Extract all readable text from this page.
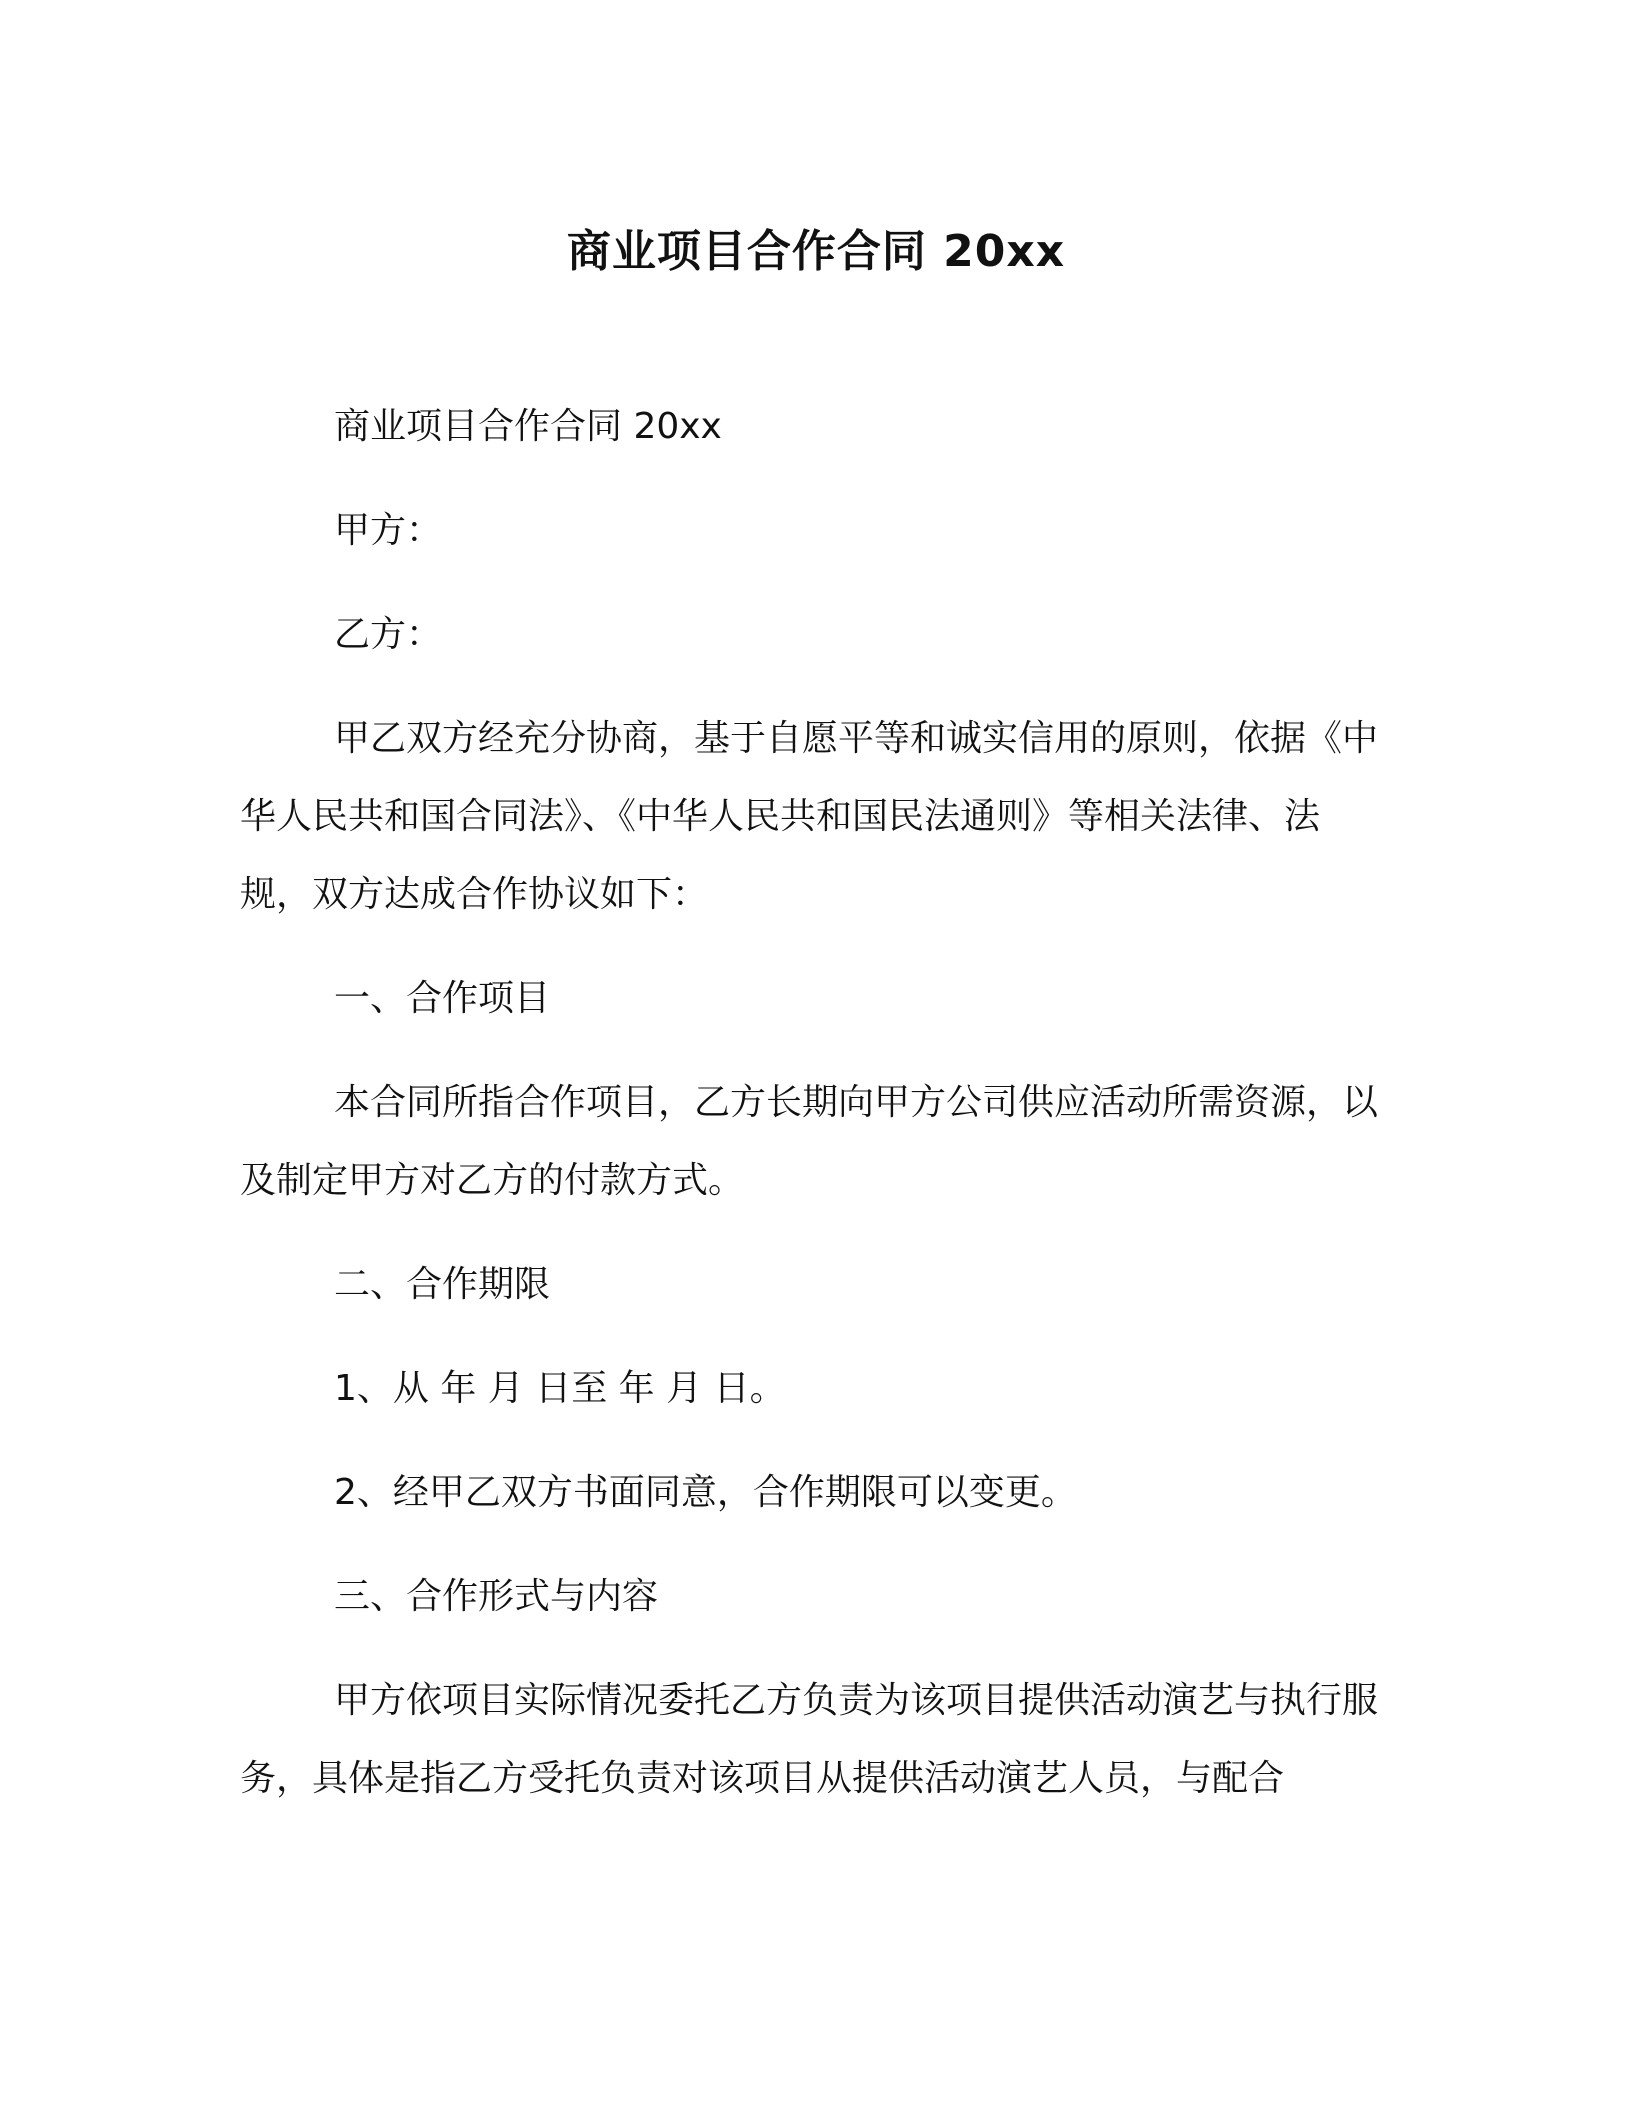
商业项目合作合同 20xx

商业项目合作合同 20xx

甲方：

乙方：

甲乙双方经充分协商，基于自愿平等和诚实信用的原则，依据《中华人民共和国合同法》、《中华人民共和国民法通则》等相关法律、法规，双方达成合作协议如下：

一、合作项目

本合同所指合作项目，乙方长期向甲方公司供应活动所需资源，以及制定甲方对乙方的付款方式。

二、合作期限

1、从 年 月 日至 年 月 日。

2、经甲乙双方书面同意，合作期限可以变更。

三、合作形式与内容

甲方依项目实际情况委托乙方负责为该项目提供活动演艺与执行服务，具体是指乙方受托负责对该项目从提供活动演艺人员，与配合
